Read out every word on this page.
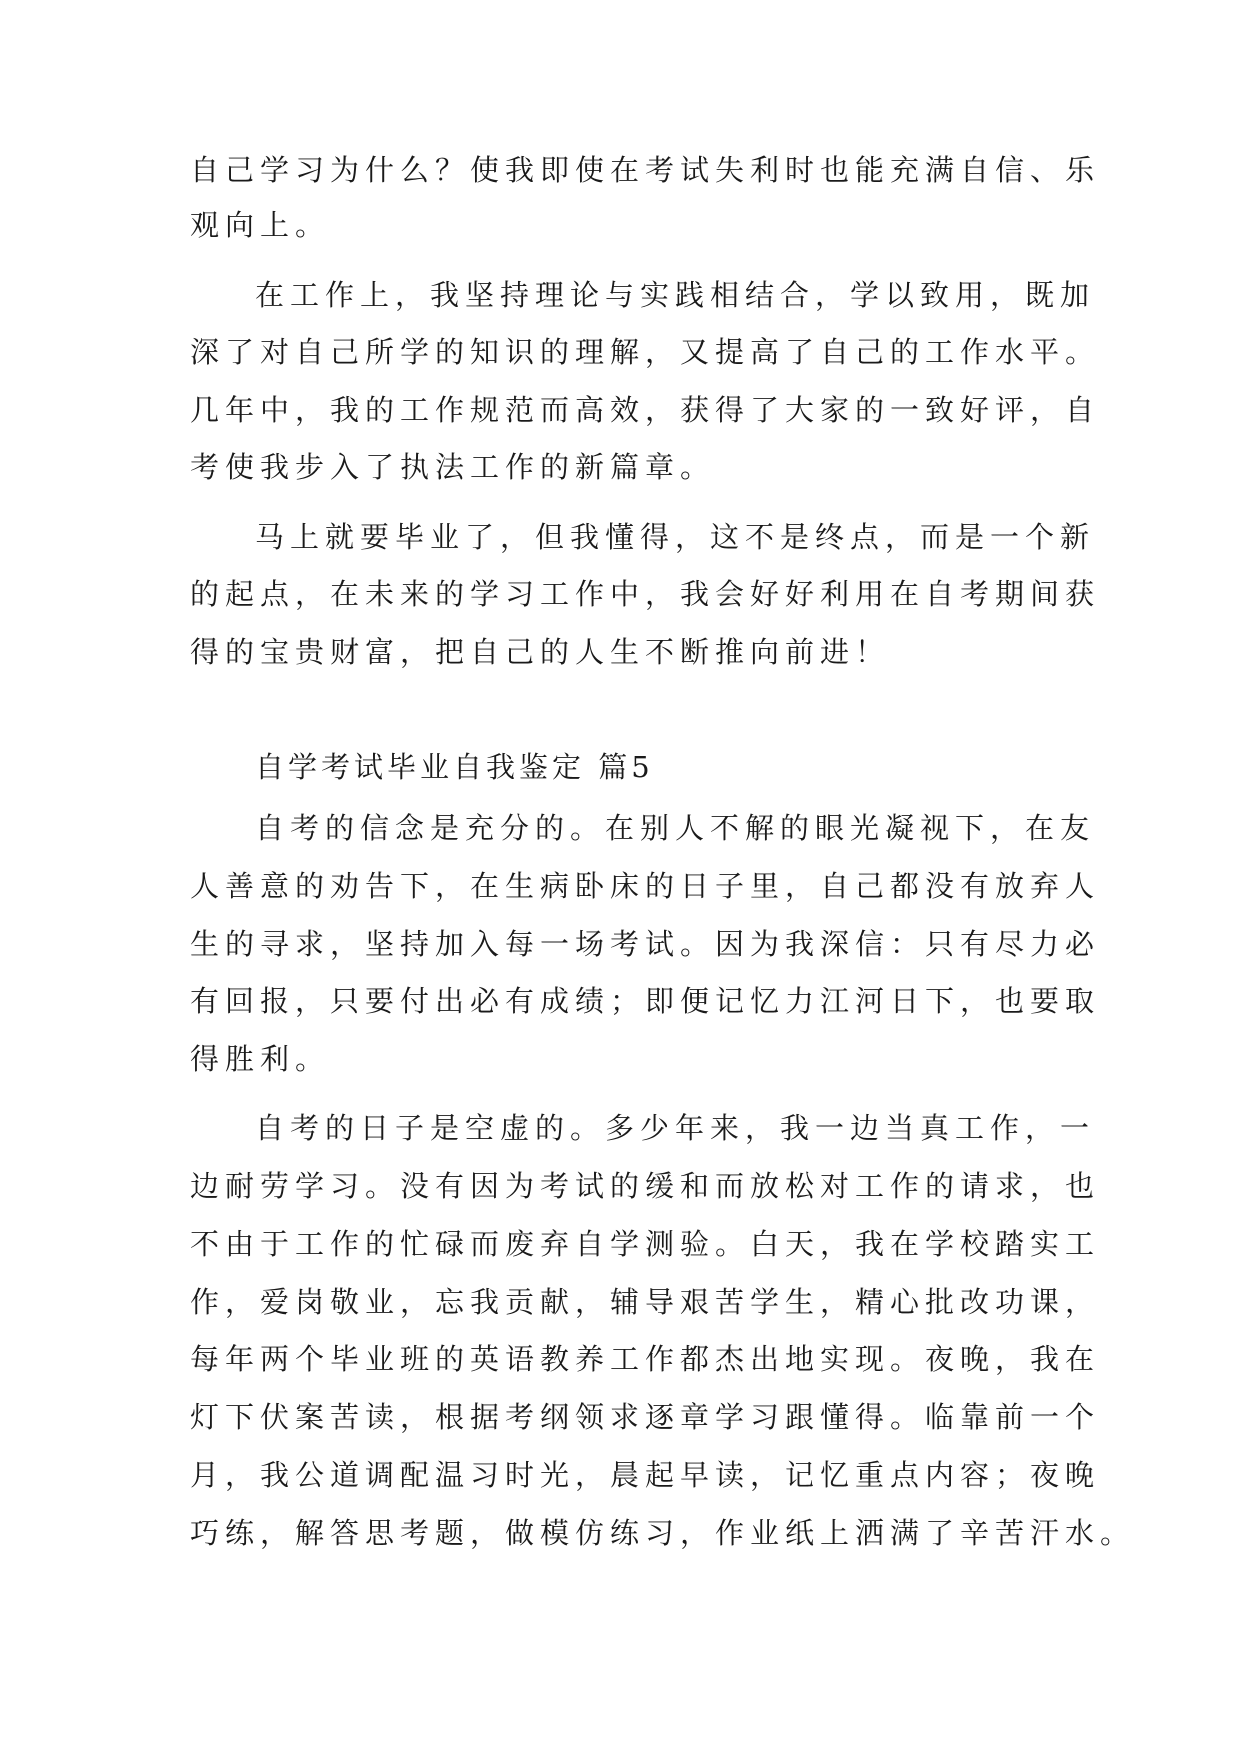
自己学习为什么？使我即使在考试失利时也能充满自信、乐

观向上。

在工作上，我坚持理论与实践相结合，学以致用，既加

深了对自己所学的知识的理解，又提高了自己的工作水平。

几年中，我的工作规范而高效，获得了大家的一致好评，自

考使我步入了执法工作的新篇章。

马上就要毕业了，但我懂得，这不是终点，而是一个新

的起点，在未来的学习工作中，我会好好利用在自考期间获

得的宝贵财富，把自己的人生不断推向前进！

自学考试毕业自我鉴定 篇5

自考的信念是充分的。在别人不解的眼光凝视下，在友

人善意的劝告下，在生病卧床的日子里，自己都没有放弃人

生的寻求，坚持加入每一场考试。因为我深信：只有尽力必

有回报，只要付出必有成绩；即便记忆力江河日下，也要取

得胜利。

自考的日子是空虚的。多少年来，我一边当真工作，一

边耐劳学习。没有因为考试的缓和而放松对工作的请求，也

不由于工作的忙碌而废弃自学测验。白天，我在学校踏实工

作，爱岗敬业，忘我贡献，辅导艰苦学生，精心批改功课，

每年两个毕业班的英语教养工作都杰出地实现。夜晚，我在

灯下伏案苦读，根据考纲领求逐章学习跟懂得。临靠前一个

月，我公道调配温习时光，晨起早读，记忆重点内容；夜晚

巧练，解答思考题，做模仿练习，作业纸上洒满了辛苦汗水。
